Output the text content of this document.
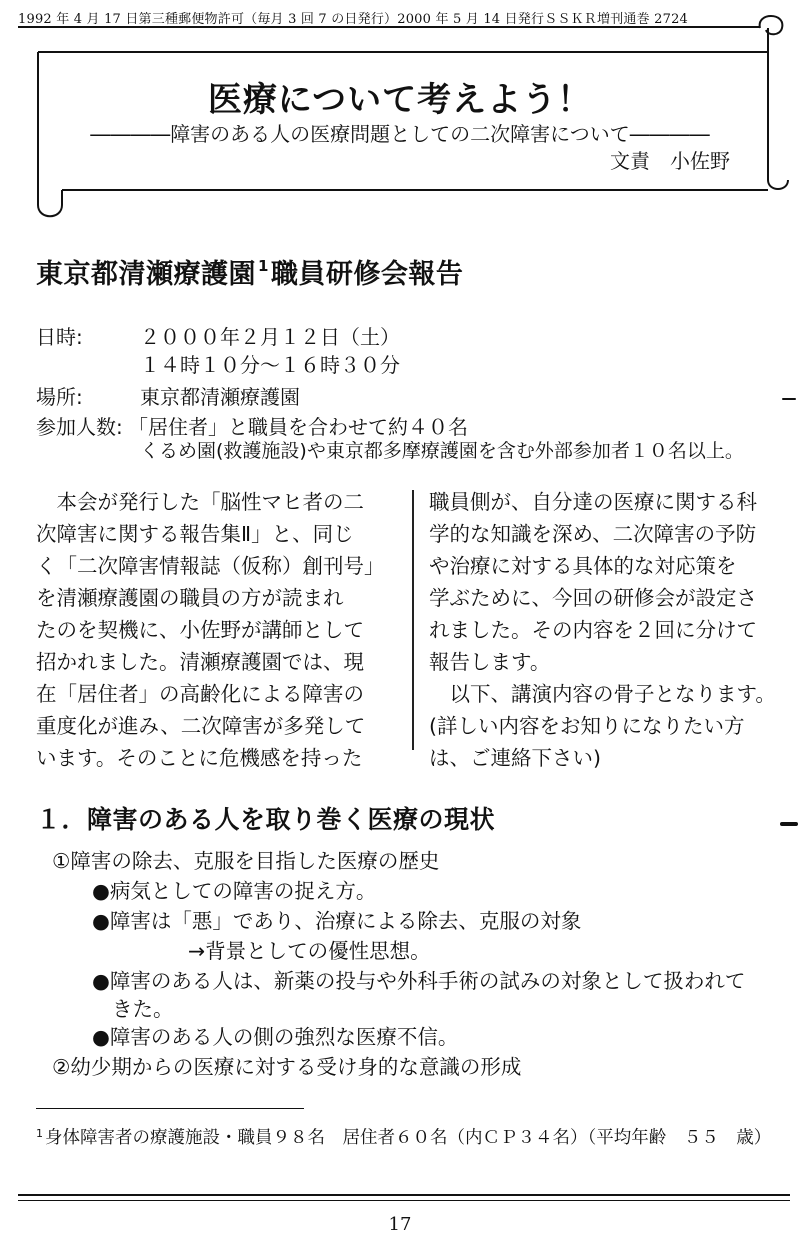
1992 年 4 月 17 日第三種郵便物許可（毎月 3 回 7 の日発行）2000 年 5 月 14 日発行ＳＳＫＲ増刊通巻 2724
医療について考えよう！
――――障害のある人の医療問題としての二次障害について――――
文責　小佐野
東京都清瀬療護園 $^1$職員研修会報告
日時:	２０００年２月１２日（土）
１４時１０分～１６時３０分
場所:	東京都清瀬療護園
参加人数: 「居住者」と職員を合わせて約４０名
くるめ園(救護施設)や東京都多摩療護園を含む外部参加者１０名以上。
　本会が発行した「脳性マヒ者の二
次障害に関する報告集Ⅱ」と、同じ
く「二次障害情報誌（仮称）創刊号」
を清瀬療護園の職員の方が読まれ
たのを契機に、小佐野が講師として
招かれました。清瀬療護園では、現
在「居住者」の高齢化による障害の
重度化が進み、二次障害が多発して
います。そのことに危機感を持った
職員側が、自分達の医療に関する科
学的な知識を深め、二次障害の予防
や治療に対する具体的な対応策を
学ぶために、今回の研修会が設定さ
れました。その内容を２回に分けて
報告します。
　以下、講演内容の骨子となります。
(詳しい内容をお知りになりたい方
は、ご連絡下さい)
１．障害のある人を取り巻く医療の現状
①障害の除去、克服を目指した医療の歴史
●病気としての障害の捉え方。
●障害は「悪」であり、治療による除去、克服の対象
→背景としての優性思想。
●障害のある人は、新薬の投与や外科手術の試みの対象として扱われて
きた。
●障害のある人の側の強烈な医療不信。
②幼少期からの医療に対する受け身的な意識の形成
$^1$ 身体障害者の療護施設・職員９８名　居住者６０名（内ＣＰ３４名）（平均年齢　５５　歳）
17
